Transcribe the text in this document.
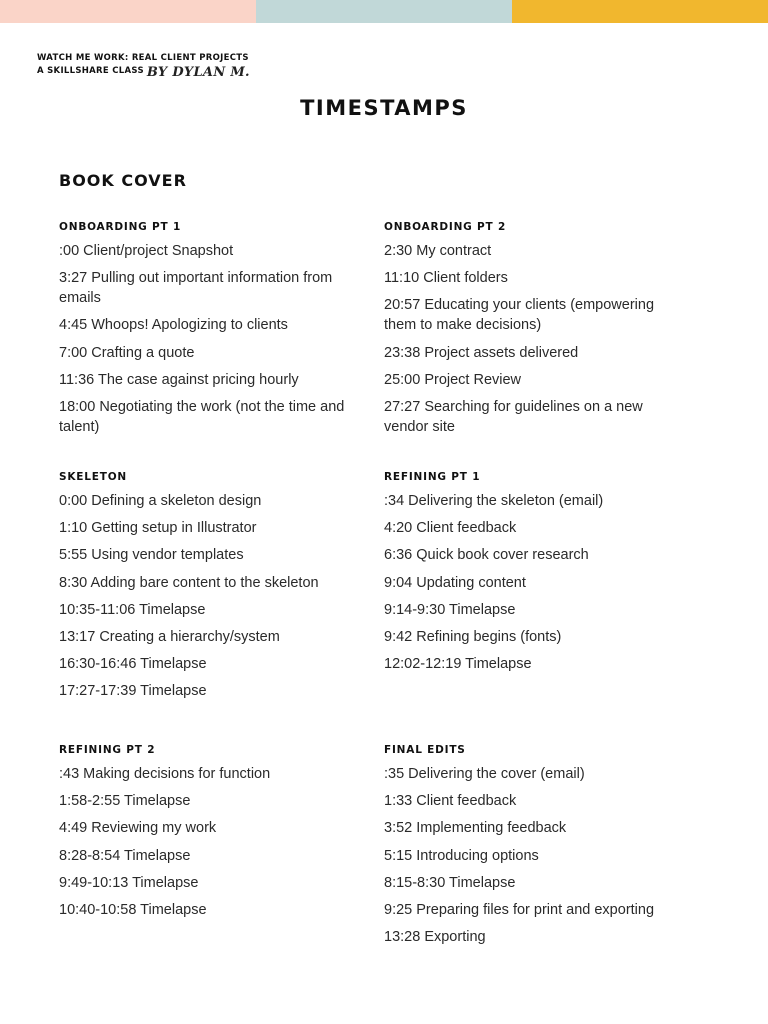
WATCH ME WORK: REAL CLIENT PROJECTS
A SKILLSHARE CLASS BY DYLAN M.
TIMESTAMPS
BOOK COVER
ONBOARDING PT 1
:00 Client/project Snapshot
3:27 Pulling out important information from emails
4:45 Whoops! Apologizing to clients
7:00 Crafting a quote
11:36 The case against pricing hourly
18:00 Negotiating the work (not the time and talent)
ONBOARDING PT 2
2:30 My contract
11:10 Client folders
20:57 Educating your clients (empowering them to make decisions)
23:38 Project assets delivered
25:00 Project Review
27:27 Searching for guidelines on a new vendor site
SKELETON
0:00 Defining a skeleton design
1:10 Getting setup in Illustrator
5:55 Using vendor templates
8:30 Adding bare content to the skeleton
10:35-11:06 Timelapse
13:17 Creating a hierarchy/system
16:30-16:46 Timelapse
17:27-17:39 Timelapse
REFINING PT 1
:34 Delivering the skeleton (email)
4:20 Client feedback
6:36 Quick book cover research
9:04 Updating content
9:14-9:30 Timelapse
9:42 Refining begins (fonts)
12:02-12:19 Timelapse
REFINING PT 2
:43 Making decisions for function
1:58-2:55 Timelapse
4:49 Reviewing my work
8:28-8:54 Timelapse
9:49-10:13 Timelapse
10:40-10:58 Timelapse
FINAL EDITS
:35 Delivering the cover (email)
1:33 Client feedback
3:52 Implementing feedback
5:15 Introducing options
8:15-8:30 Timelapse
9:25 Preparing files for print and exporting
13:28 Exporting
